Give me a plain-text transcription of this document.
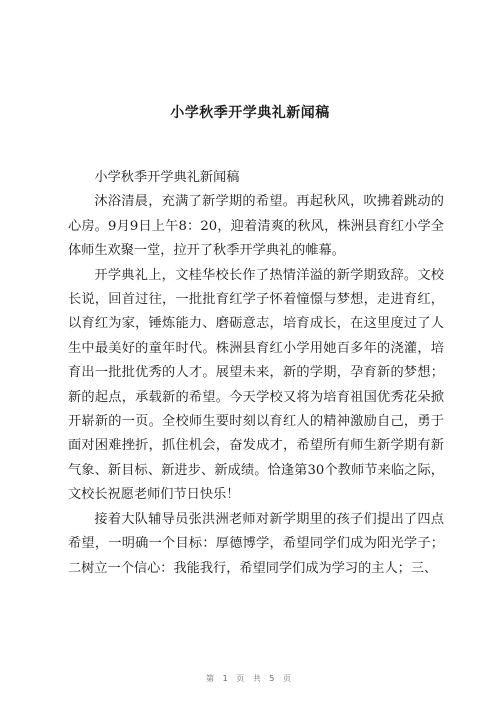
小学秋季开学典礼新闻稿

小学秋季开学典礼新闻稿

沐浴清晨，充满了新学期的希望。再起秋风，吹拂着跳动的心房。9月9日上午8：20，迎着清爽的秋风，株洲县育红小学全体师生欢聚一堂，拉开了秋季开学典礼的帷幕。

开学典礼上，文桂华校长作了热情洋溢的新学期致辞。文校长说，回首过往，一批批育红学子怀着憧憬与梦想，走进育红，以育红为家，锤炼能力、磨砺意志，培育成长，在这里度过了人生中最美好的童年时代。株洲县育红小学用她百多年的浇灌，培育出一批批优秀的人才。展望未来，新的学期，孕育新的梦想；新的起点，承载新的希望。今天学校又将为培育祖国优秀花朵掀开崭新的一页。全校师生要时刻以育红人的精神激励自己，勇于面对困难挫折，抓住机会，奋发成才，希望所有师生新学期有新气象、新目标、新进步、新成绩。恰逢第30个教师节来临之际，文校长祝愿老师们节日快乐！

接着大队辅导员张洪洲老师对新学期里的孩子们提出了四点希望，一明确一个目标：厚德博学，希望同学们成为阳光学子；二树立一个信心：我能我行，希望同学们成为学习的主人；三、

第 1 页 共 5 页
